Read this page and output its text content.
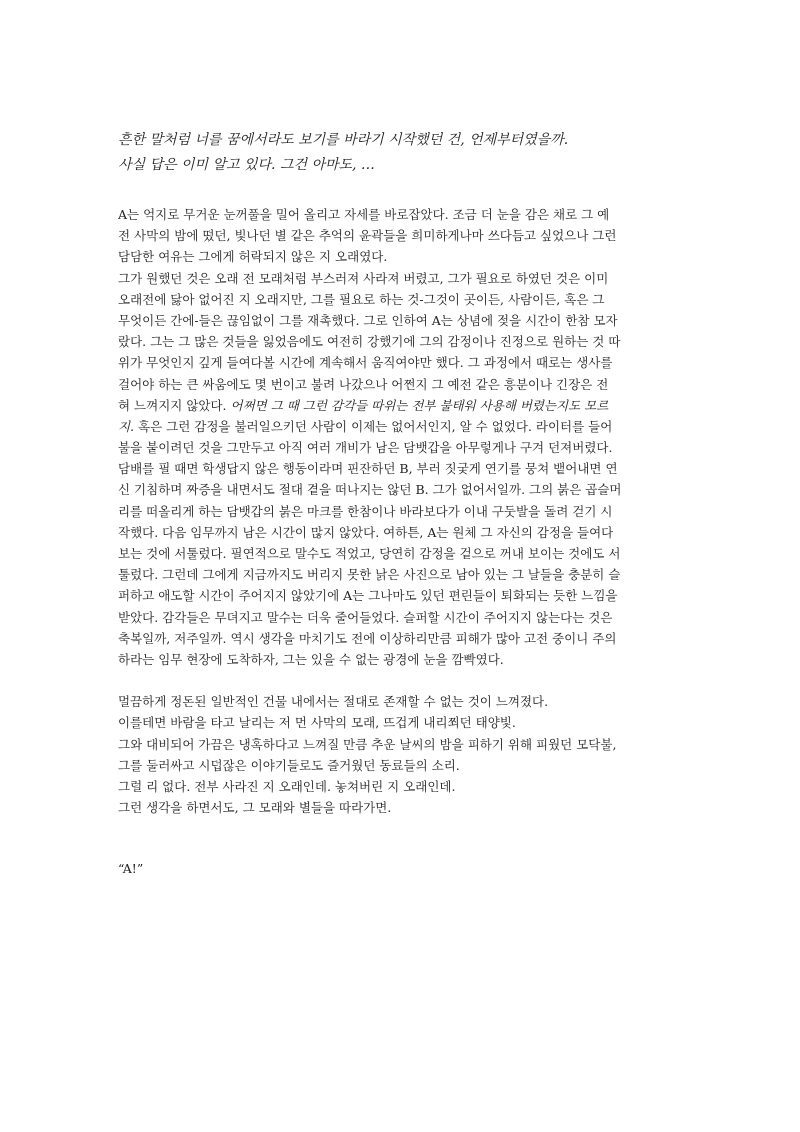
흔한 말처럼 너를 꿈에서라도 보기를 바라기 시작했던 건, 언제부터였을까.
사실 답은 이미 알고 있다. 그건 아마도, …
A는 억지로 무거운 눈꺼풀을 밀어 올리고 자세를 바로잡았다. 조금 더 눈을 감은 채로 그 예
전 사막의 밤에 떴던, 빛나던 별 같은 추억의 윤곽들을 희미하게나마 쓰다듬고 싶었으나 그런
담담한 여유는 그에게 허락되지 않은 지 오래였다.
그가 원했던 것은 오래 전 모래처럼 부스러져 사라져 버렸고, 그가 필요로 하였던 것은 이미
오래전에 닳아 없어진 지 오래지만, 그를 필요로 하는 것-그것이 곳이든, 사람이든, 혹은 그
무엇이든 간에-들은 끊임없이 그를 재촉했다. 그로 인하여 A는 상념에 젖을 시간이 한참 모자
랐다. 그는 그 많은 것들을 잃었음에도 여전히 강했기에 그의 감정이나 진정으로 원하는 것 따
위가 무엇인지 깊게 들여다볼 시간에 계속해서 움직여야만 했다. 그 과정에서 때로는 생사를
걸어야 하는 큰 싸움에도 몇 번이고 불려 나갔으나 어쩐지 그 예전 같은 흥분이나 긴장은 전
혀 느껴지지 않았다. 어쩌면 그 때 그런 감각들 따위는 전부 불태워 사용해 버렸는지도 모르
지. 혹은 그런 감정을 불러일으키던 사람이 이제는 없어서인지, 알 수 없었다. 라이터를 들어
불을 붙이려던 것을 그만두고 아직 여러 개비가 남은 담뱃갑을 아무렇게나 구겨 던져버렸다.
담배를 필 때면 학생답지 않은 행동이라며 핀잔하던 B, 부러 짓궂게 연기를 뭉쳐 뱉어내면 연
신 기침하며 짜증을 내면서도 절대 곁을 떠나지는 않던 B. 그가 없어서일까. 그의 붉은 곱슬머
리를 떠올리게 하는 담뱃갑의 붉은 마크를 한참이나 바라보다가 이내 구둣발을 돌려 걷기 시
작했다. 다음 임무까지 남은 시간이 많지 않았다. 여하튼, A는 원체 그 자신의 감정을 들여다
보는 것에 서툴렀다. 필연적으로 말수도 적었고, 당연히 감정을 겉으로 꺼내 보이는 것에도 서
툴렀다. 그런데 그에게 지금까지도 버리지 못한 낡은 사진으로 남아 있는 그 날들을 충분히 슬
퍼하고 애도할 시간이 주어지지 않았기에 A는 그나마도 있던 편린들이 퇴화되는 듯한 느낌을
받았다. 감각들은 무뎌지고 말수는 더욱 줄어들었다. 슬퍼할 시간이 주어지지 않는다는 것은
축복일까, 저주일까. 역시 생각을 마치기도 전에 이상하리만큼 피해가 많아 고전 중이니 주의
하라는 임무 현장에 도착하자, 그는 있을 수 없는 광경에 눈을 깜빡였다.
멀끔하게 정돈된 일반적인 건물 내에서는 절대로 존재할 수 없는 것이 느껴졌다.
이를테면 바람을 타고 날리는 저 먼 사막의 모래, 뜨겁게 내리쬐던 태양빛.
그와 대비되어 가끔은 냉혹하다고 느껴질 만큼 추운 날씨의 밤을 피하기 위해 피웠던 모닥불,
그를 둘러싸고 시덥잖은 이야기들로도 즐거웠던 동료들의 소리.
그럴 리 없다. 전부 사라진 지 오래인데. 놓쳐버린 지 오래인데.
그런 생각을 하면서도, 그 모래와 별들을 따라가면.
“A!”
